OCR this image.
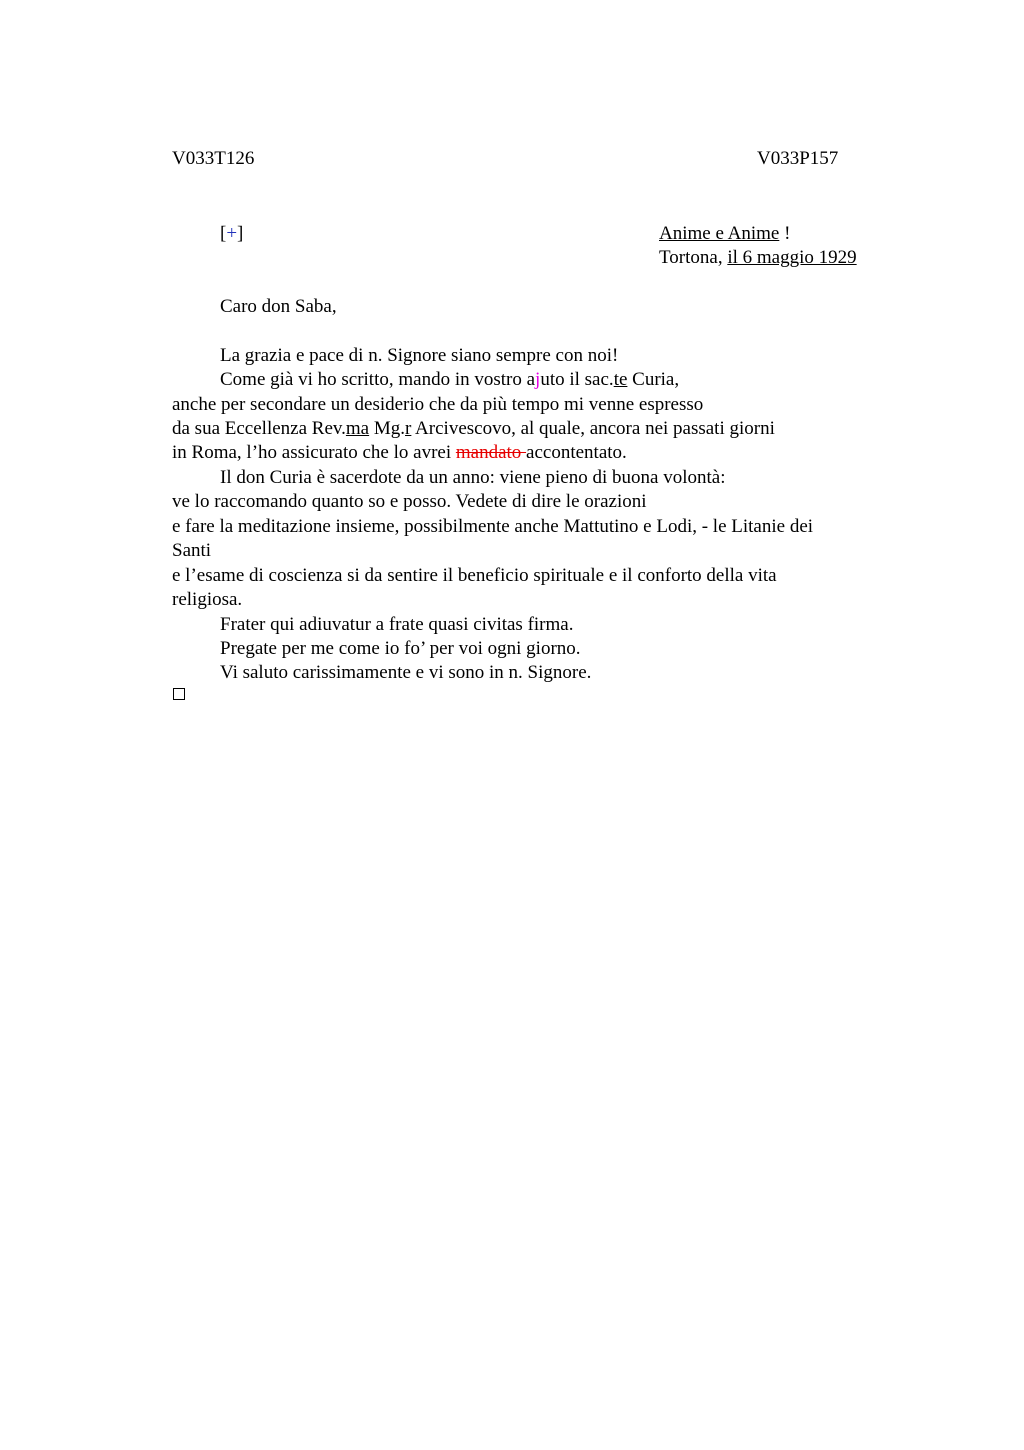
V033T126	V033P157
[+]	Anime e Anime !
Tortona, il 6 maggio 1929
Caro don Saba,
La grazia e pace di n. Signore siano sempre con noi!
Come già vi ho scritto, mando in vostro ajuto il sac.te Curia,
anche per secondare un desiderio che da più tempo mi venne espresso
da sua Eccellenza Rev.ma Mg.r Arcivescovo, al quale, ancora nei passati giorni
in Roma, l’ho assicurato che lo avrei mandato accontentato.
Il don Curia è sacerdote da un anno: viene pieno di buona volontà:
ve lo raccomando quanto so e posso. Vedete di dire le orazioni
e fare la meditazione insieme, possibilmente anche Mattutino e Lodi, - le Litanie dei
Santi
e l’esame di coscienza si da sentire il beneficio spirituale e il conforto della vita
religiosa.
Frater qui adiuvatur a frate quasi civitas firma.
Pregate per me come io fo’ per voi ogni giorno.
Vi saluto carissimamente e vi sono in n. Signore.
